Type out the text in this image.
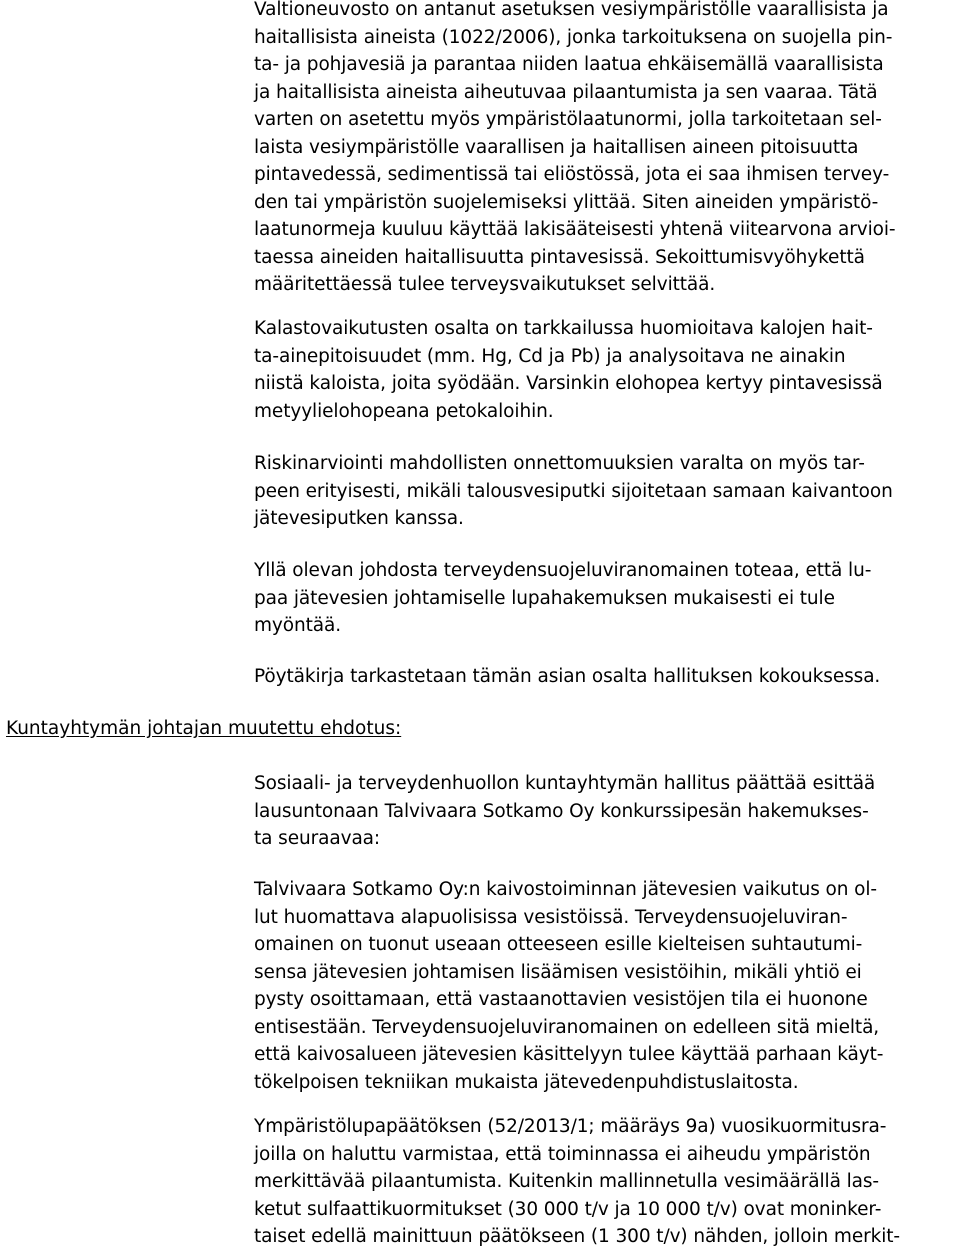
Kuntayhtymän johtajan muutettu ehdotus:
Valtioneuvosto on antanut asetuksen vesiympäristölle vaarallisista ja
haitallisista aineista (1022/2006), jonka tarkoituksena on suojella pin-
ta- ja pohjavesiä ja parantaa niiden laatua ehkäisemällä vaarallisista
ja haitallisista aineista aiheutuvaa pilaantumista ja sen vaaraa. Tätä
varten on asetettu myös ympäristölaatunormi, jolla tarkoitetaan sel-
laista vesiympäristölle vaarallisen ja haitallisen aineen pitoisuutta
pintavedessä, sedimentissä tai eliöstössä, jota ei saa ihmisen tervey-
den tai ympäristön suojelemiseksi ylittää. Siten aineiden ympäristö-
laatunormeja kuuluu käyttää lakisääteisesti yhtenä viitearvona arvioi-
taessa aineiden haitallisuutta pintavesissä. Sekoittumisvyöhykettä
määritettäessä tulee terveysvaikutukset selvittää.
Kalastovaikutusten osalta on tarkkailussa huomioitava kalojen hait-
ta-ainepitoisuudet (mm. Hg, Cd ja Pb) ja analysoitava ne ainakin
niistä kaloista, joita syödään. Varsinkin elohopea kertyy pintavesissä
metyylielohopeana petokaloihin.
Riskinarviointi mahdollisten onnettomuuksien varalta on myös tar-
peen erityisesti, mikäli talousvesiputki sijoitetaan samaan kaivantoon
jätevesiputken kanssa.
Yllä olevan johdosta terveydensuojeluviranomainen toteaa, että lu-
paa jätevesien johtamiselle lupahakemuksen mukaisesti ei tule
myöntää.
Pöytäkirja tarkastetaan tämän asian osalta hallituksen kokouksessa.
Sosiaali- ja terveydenhuollon kuntayhtymän hallitus päättää esittää
lausuntonaan Talvivaara Sotkamo Oy konkurssipesän hakemukses-
ta seuraavaa:
Talvivaara Sotkamo Oy:n kaivostoiminnan jätevesien vaikutus on ol-
lut huomattava alapuolisissa vesistöissä. Terveydensuojeluviran-
omainen on tuonut useaan otteeseen esille kielteisen suhtautumi-
sensa jätevesien johtamisen lisäämisen vesistöihin, mikäli yhtiö ei
pysty osoittamaan, että vastaanottavien vesistöjen tila ei huonone
entisestään. Terveydensuojeluviranomainen on edelleen sitä mieltä,
että kaivosalueen jätevesien käsittelyyn tulee käyttää parhaan käyt-
tökelpoisen tekniikan mukaista jätevedenpuhdistuslaitosta.
Ympäristölupapäätöksen (52/2013/1; määräys 9a) vuosikuormitusra-
joilla on haluttu varmistaa, että toiminnassa ei aiheudu ympäristön
merkittävää pilaantumista. Kuitenkin mallinnetulla vesimäärällä las-
ketut sulfaattikuormitukset (30 000 t/v ja 10 000 t/v) ovat moninker-
taiset edellä mainittuun päätökseen (1 300 t/v) nähden, jolloin merkit-
